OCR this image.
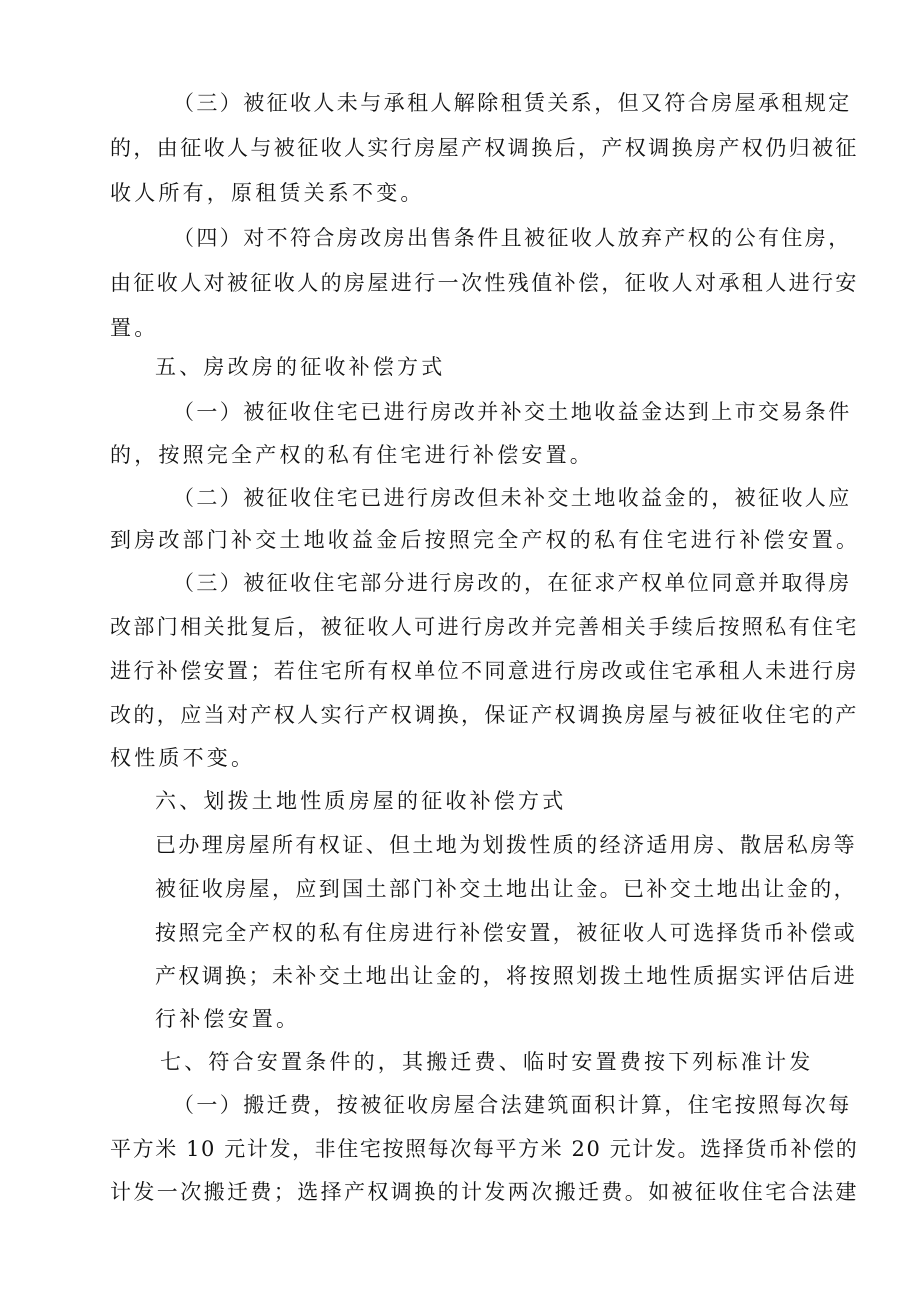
（三）被征收人未与承租人解除租赁关系，但又符合房屋承租规定
的，由征收人与被征收人实行房屋产权调换后，产权调换房产权仍归被征
收人所有，原租赁关系不变。
（四）对不符合房改房出售条件且被征收人放弃产权的公有住房，
由征收人对被征收人的房屋进行一次性残值补偿，征收人对承租人进行安
置。
五、房改房的征收补偿方式
（一）被征收住宅已进行房改并补交土地收益金达到上市交易条件
的，按照完全产权的私有住宅进行补偿安置。
（二）被征收住宅已进行房改但未补交土地收益金的，被征收人应
到房改部门补交土地收益金后按照完全产权的私有住宅进行补偿安置。
（三）被征收住宅部分进行房改的，在征求产权单位同意并取得房
改部门相关批复后，被征收人可进行房改并完善相关手续后按照私有住宅
进行补偿安置；若住宅所有权单位不同意进行房改或住宅承租人未进行房
改的，应当对产权人实行产权调换，保证产权调换房屋与被征收住宅的产
权性质不变。
六、划拨土地性质房屋的征收补偿方式
已办理房屋所有权证、但土地为划拨性质的经济适用房、散居私房等
被征收房屋，应到国土部门补交土地出让金。已补交土地出让金的，
按照完全产权的私有住房进行补偿安置，被征收人可选择货币补偿或
产权调换；未补交土地出让金的，将按照划拨土地性质据实评估后进
行补偿安置。
七、符合安置条件的，其搬迁费、临时安置费按下列标准计发
（一）搬迁费，按被征收房屋合法建筑面积计算，住宅按照每次每
平方米 10 元计发，非住宅按照每次每平方米 20 元计发。选择货币补偿的
计发一次搬迁费；选择产权调换的计发两次搬迁费。如被征收住宅合法建
